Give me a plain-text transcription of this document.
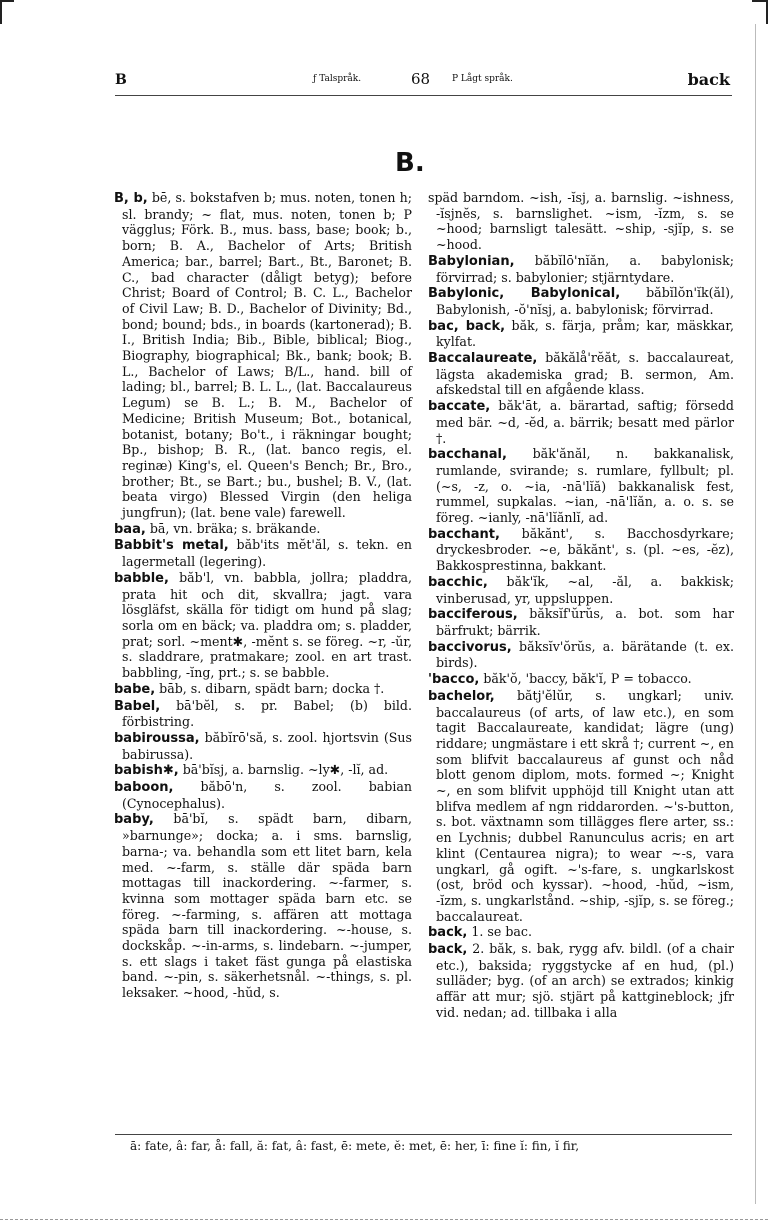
B	ƒ Talspråk.	68 P Lågt språk.	back
B.

B, b, bē, s. bokstafven b; mus. noten, tonen h; sl. brandy; ~ flat, mus. noten, tonen b; P vägglus; Förk. B., mus. bass, base; book; b., born; B. A., Bachelor of Arts; British America; bar., barrel; Bart., Bt., Baronet; B. C., bad character (dåligt betyg); before Christ; Board of Control; B. C. L., Bachelor of Civil Law; B. D., Bachelor of Divinity; Bd., bond; bound; bds., in boards (kartonerad); B. I., British India; Bib., Bible, biblical; Biog., Biography, biographical; Bk., bank; book; B. L., Bachelor of Laws; B/L., hand. bill of lading; bl., barrel; B. L. L., (lat. Baccalaureus Legum) se B. L.; B. M., Bachelor of Medicine; British Museum; Bot., botanical, botanist, botany; Bo't., i räkningar bought; Bp., bishop; B. R., (lat. banco regis, el. reginæ) King's, el. Queen's Bench; Br., Bro., brother; Bt., se Bart.; bu., bushel; B. V., (lat. beata virgo) Blessed Virgin (den heliga jungfrun); (lat. bene vale) farewell.

baa, bā, vn. bräka; s. bräkande.

Babbit's metal, băb'its mĕt'ăl, s. tekn. en lagermetall (legering).

babble, băb'l, vn. babbla, jollra; pladdra, prata hit och dit, skvallra; jagt. vara lösgläfst, skälla för tidigt om hund på slag; sorla om en bäck; va. pladdra om; s. pladder, prat; sorl. ~ment✱, -mĕnt s. se föreg. ~r, -ŭr, s. sladdrare, pratmakare; zool. en art trast. babbling, -ĭng, prt.; s. se babble.

babe, bāb, s. dibarn, spädt barn; docka †.

Babel, bā'bĕl, s. pr. Babel; (b) bild. förbistring.

babiroussa, băbĭrō'să, s. zool. hjortsvin (Sus babirussa).

babish✱, bā'bĭsj, a. barnslig. ~ly✱, -lĭ, ad.

baboon, băbō'n, s. zool. babian (Cynocephalus).

baby, bā'bĭ, s. spädt barn, dibarn, »barnunge»; docka; a. i sms. barnslig, barna-; va. behandla som ett litet barn, kela med. ~-farm, s. ställe där späda barn mottagas till inackordering. ~-farmer, s. kvinna som mottager späda barn etc. se föreg. ~-farming, s. affären att mottaga späda barn till inackordering. ~-house, s. dockskåp. ~-in-arms, s. lindebarn. ~-jumper, s. ett slags i taket fäst gunga på elastiska band. ~-pin, s. säkerhetsnål. ~-things, s. pl. leksaker. ~hood, -hŭd, s.

späd barndom. ~ish, -ĭsj, a. barnslig. ~ishness, -ĭsjnĕs, s. barnslighet. ~ism, -ĭzm, s. se ~hood; barnsligt talesätt. ~ship, -sjĭp, s. se ~hood.

Babylonian, băbĭlō'nĭăn, a. babylonisk; förvirrad; s. babylonier; stjärntydare.

Babylonic, Babylonical, băbĭlŏn'ĭk(ăl), Babylonish, -ŏ'nĭsj, a. babylonisk; förvirrad.

bac, back, băk, s. färja, pråm; kar, mäskkar, kylfat.

Baccalaureate, băkălå'rĕăt, s. baccalaureat, lägsta akademiska grad; B. sermon, Am. afskedstal till en afgående klass.

baccate, băk'āt, a. bärartad, saftig; försedd med bär. ~d, -ĕd, a. bärrik; besatt med pärlor †.

bacchanal, băk'ănăl, n. bakkanalisk, rumlande, svirande; s. rumlare, fyllbult; pl. (~s, -z, o. ~ia, -nā'lĭă) bakkanalisk fest, rummel, supkalas. ~ian, -nā'lĭăn, a. o. s. se föreg. ~ianly, -nā'lĭănlĭ, ad.

bacchant, băkănt', s. Bacchosdyrkare; dryckesbroder. ~e, băkănt', s. (pl. ~es, -ĕz), Bakkosprestinna, bakkant.

bacchic, băk'ĭk, ~al, -ăl, a. bakkisk; vinberusad, yr, uppsluppen.

bacciferous, băksĭf'ŭrŭs, a. bot. som har bärfrukt; bärrik.

baccivorus, băksĭv'ŏrŭs, a. bärätande (t. ex. birds).

'bacco, băk'ŏ, 'baccy, băk'ĭ, P = tobacco.

bachelor, bătj'ĕlŭr, s. ungkarl; univ. baccalaureus (of arts, of law etc.), en som tagit Baccalaureate, kandidat; lägre (ung) riddare; ungmästare i ett skrå †; current ~, en som blifvit baccalaureus af gunst och nåd blott genom diplom, mots. formed ~; Knight ~, en som blifvit upphöjd till Knight utan att blifva medlem af ngn riddarorden. ~'s-button, s. bot. växtnamn som tillägges flere arter, ss.: en Lychnis; dubbel Ranunculus acris; en art klint (Centaurea nigra); to wear ~-s, vara ungkarl, gå ogift. ~'s-fare, s. ungkarlskost (ost, bröd och kyssar). ~hood, -hŭd, ~ism, -ĭzm, s. ungkarlstånd. ~ship, -sjĭp, s. se föreg.; baccalaureat.

back, 1. se bac.

back, 2. băk, s. bak, rygg afv. bildl. (of a chair etc.), baksida; ryggstycke af en hud, (pl.) sulläder; byg. (of an arch) se extrados; kinkig affär att mur; sjö. stjärt på kattgineblock; jfr vid. nedan; ad. tillbaka i alla

ā: fate, â: far, å: fall, ă: fat, â: fast, ē: mete, ĕ: met, ē: her, ī: fine ĭ: fin, ĭ fir,
